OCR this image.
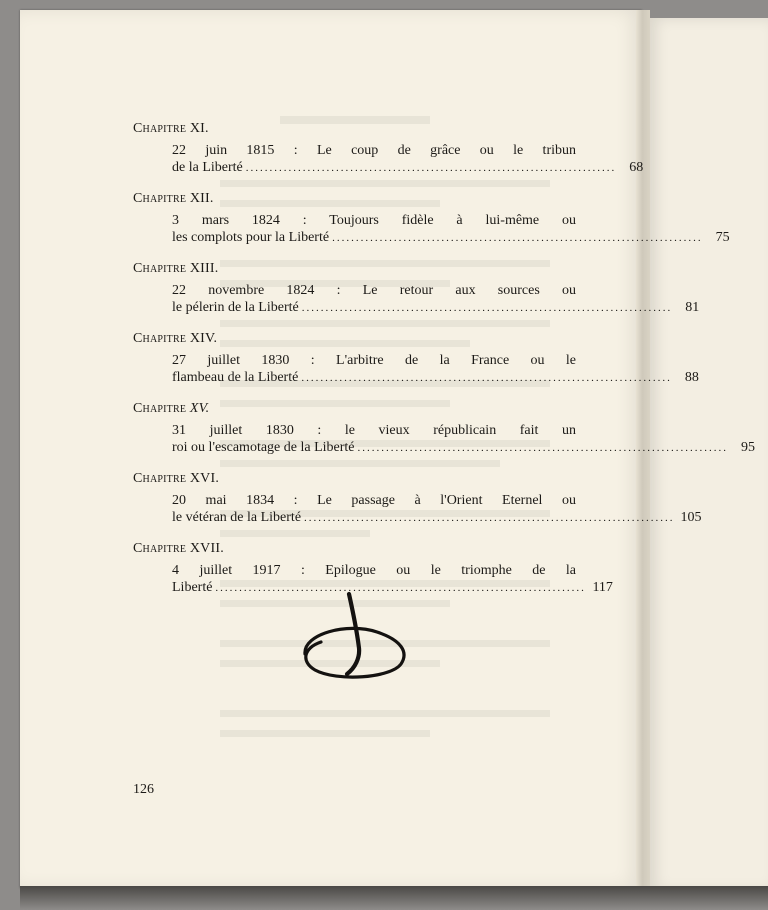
Chapitre XI.
22 juin 1815 : Le coup de grâce ou le tribun
de la Liberté .............................................................................. 68
Chapitre XII.
3 mars 1824 : Toujours fidèle à lui-même ou
les complots pour la Liberté .............................................................................. 75
Chapitre XIII.
22 novembre 1824 : Le retour aux sources ou
le pélerin de la Liberté .............................................................................. 81
Chapitre XIV.
27 juillet 1830 : L'arbitre de la France ou le
flambeau de la Liberté .............................................................................. 88
Chapitre XV.
31 juillet 1830 : le vieux républicain fait un
roi ou l'escamotage de la Liberté .............................................................................. 95
Chapitre XVI.
20 mai 1834 : Le passage à l'Orient Eternel ou
le vétéran de la Liberté .............................................................................. 105
Chapitre XVII.
4 juillet 1917 : Epilogue ou le triomphe de la
Liberté .............................................................................. 117
126
